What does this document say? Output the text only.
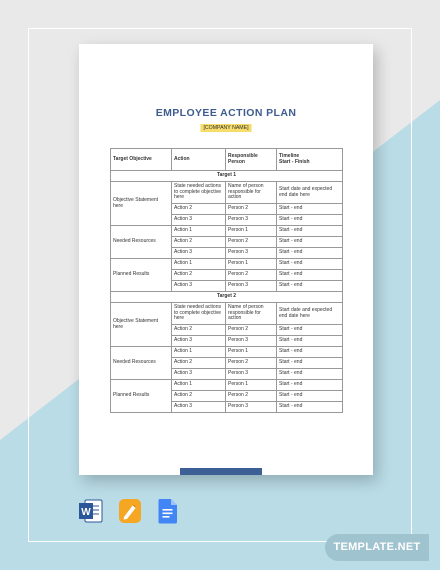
EMPLOYEE ACTION PLAN
[COMPANY NAME]
Target Objective	Action	Responsible Person	Timeline
Start - Finish
Target 1			
Objective Statement here	State needed actions to complete objective here	Name of person responsible for action	Start date and expected end date here
	Action 2	Person 2	Start - end
	Action 3	Person 3	Start - end
Needed Resources	Action 1	Person 1	Start - end
	Action 2	Person 2	Start - end
	Action 3	Person 3	Start - end
Planned Results	Action 1	Person 1	Start - end
	Action 2	Person 2	Start - end
	Action 3	Person 3	Start - end
Target 2			
Objective Statement here	State needed actions to complete objective here	Name of person responsible for action	Start date and expected end date here
	Action 2	Person 2	Start - end
	Action 3	Person 3	Start - end
Needed Resources	Action 1	Person 1	Start - end
	Action 2	Person 2	Start - end
	Action 3	Person 3	Start - end
Planned Results	Action 1	Person 1	Start - end
	Action 2	Person 2	Start - end
	Action 3	Person 3	Start - end
W
TEMPLATE.NET
